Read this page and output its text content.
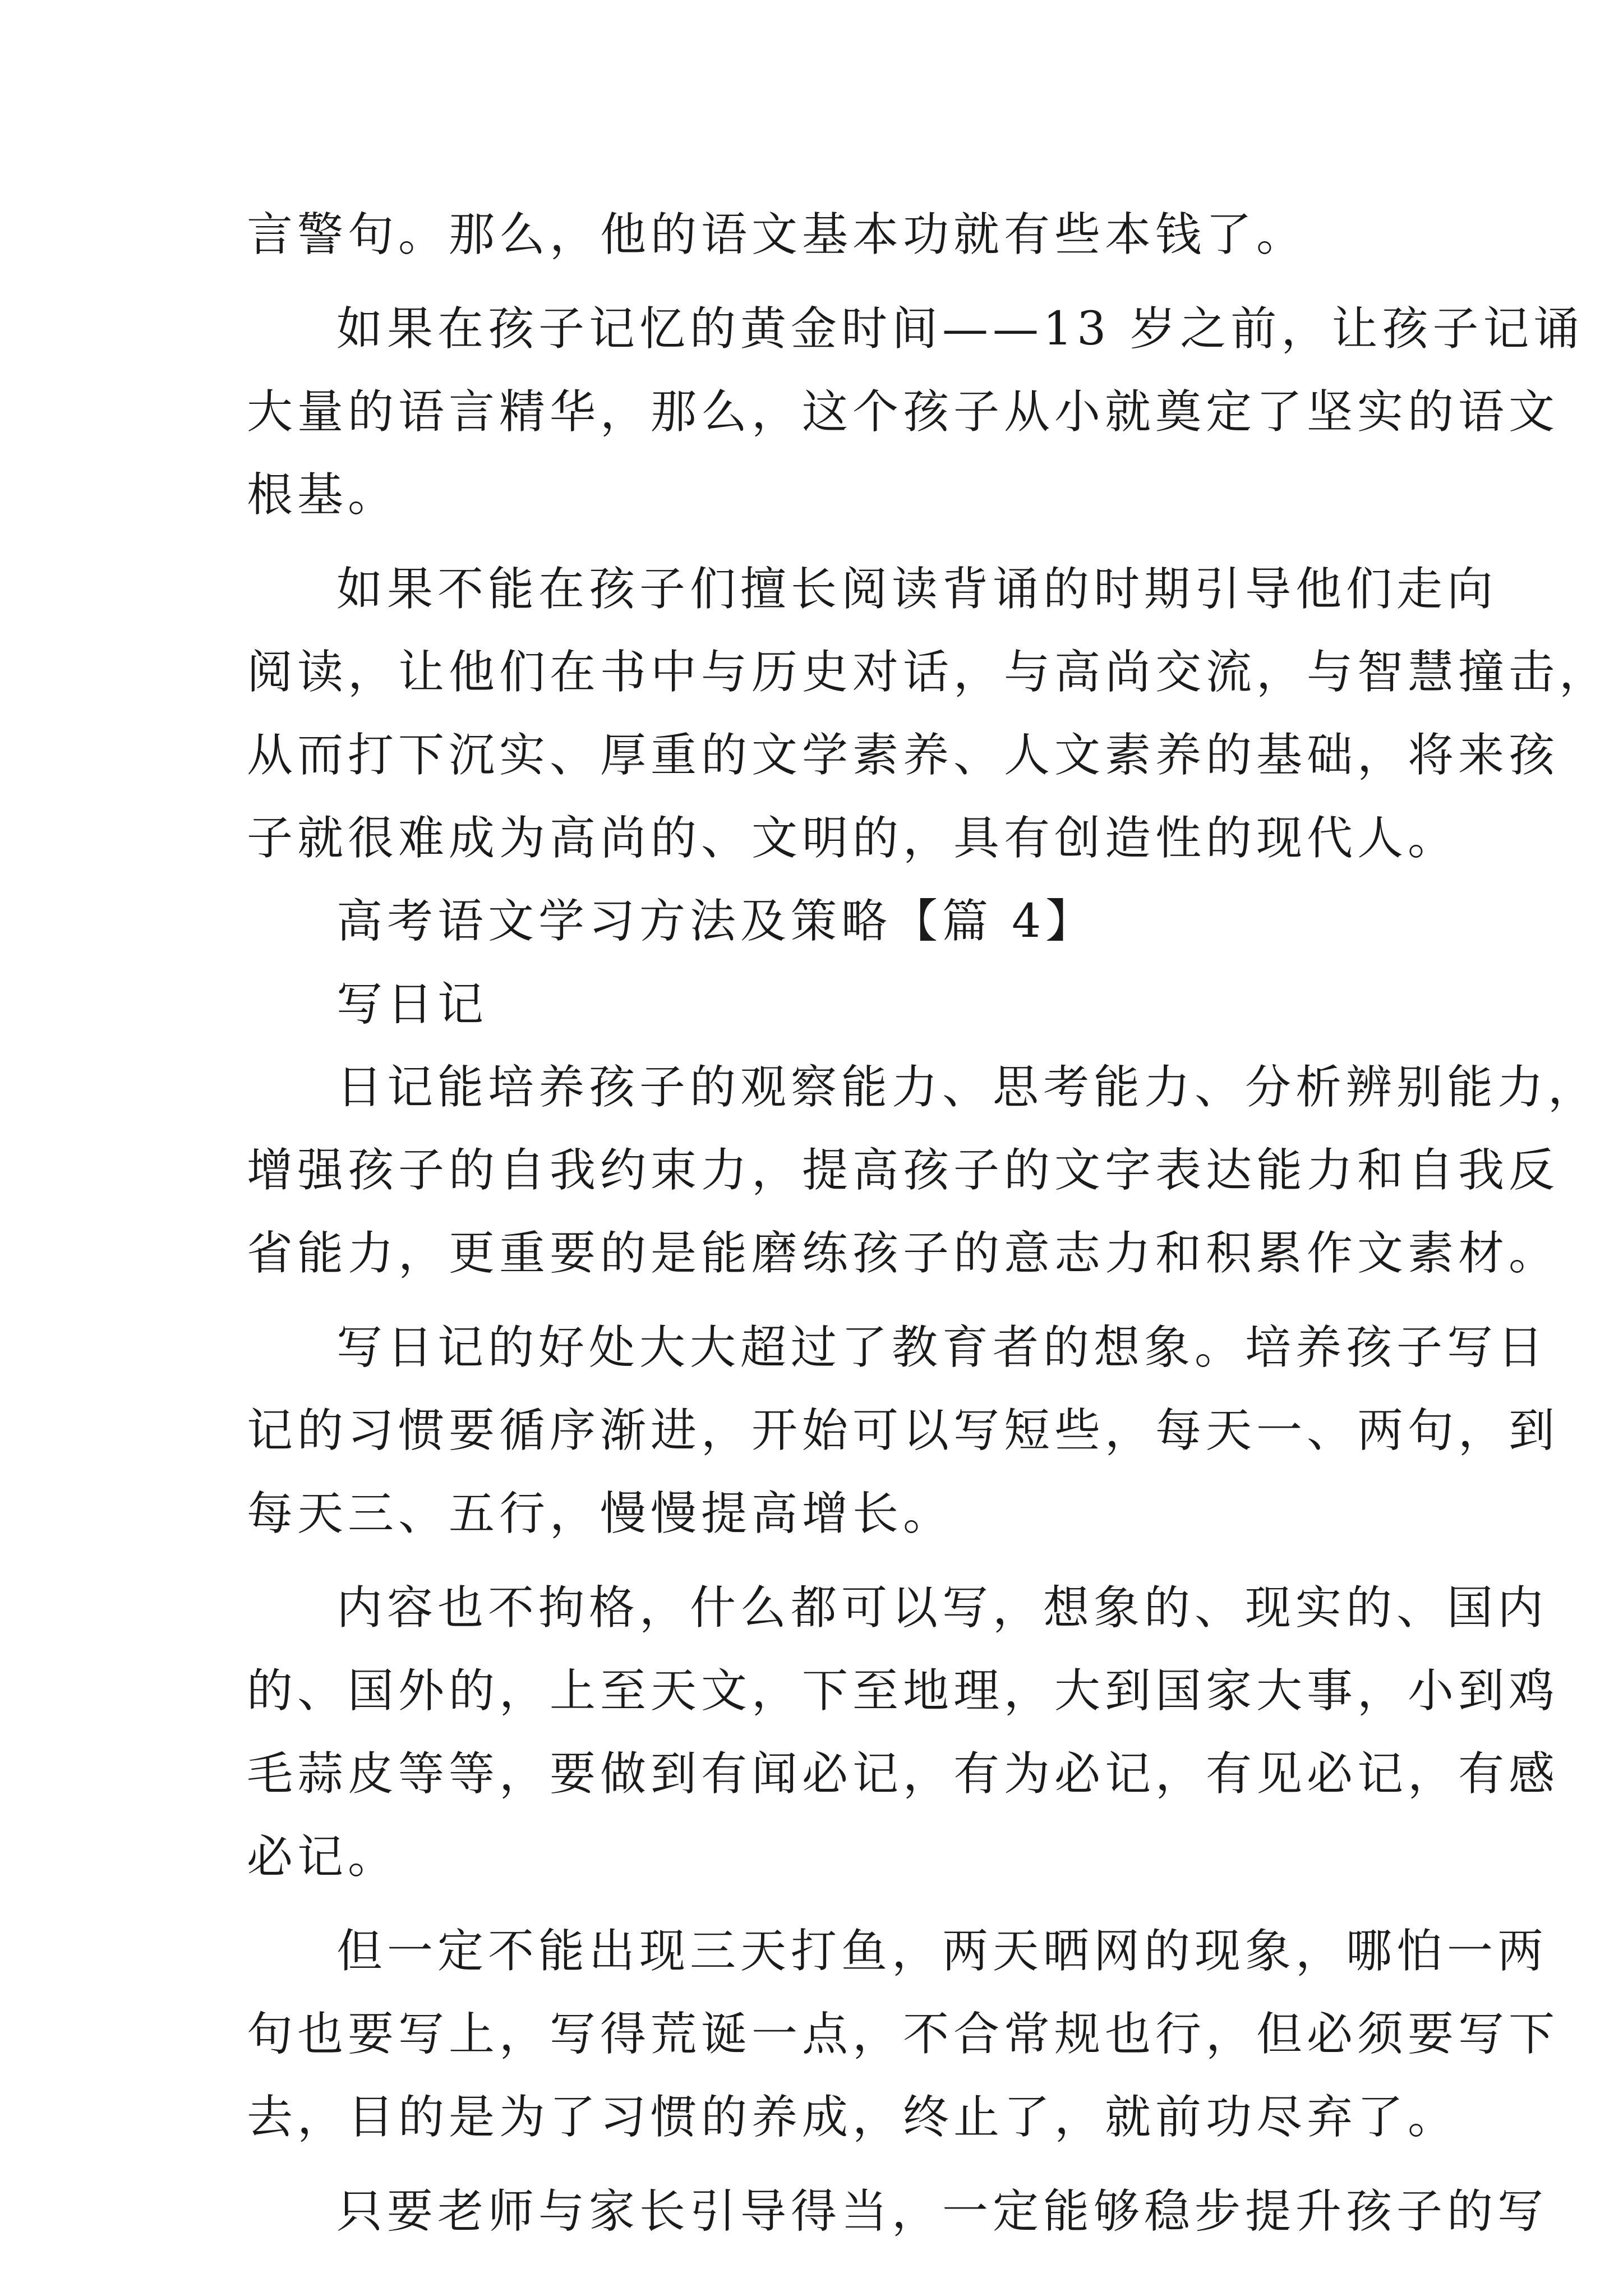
言警句。那么，他的语文基本功就有些本钱了。
如果在孩子记忆的黄金时间——13 岁之前，让孩子记诵
大量的语言精华，那么，这个孩子从小就奠定了坚实的语文
根基。
如果不能在孩子们擅长阅读背诵的时期引导他们走向
阅读，让他们在书中与历史对话，与高尚交流，与智慧撞击，
从而打下沉实、厚重的文学素养、人文素养的基础，将来孩
子就很难成为高尚的、文明的，具有创造性的现代人。
高考语文学习方法及策略【篇 4】
写日记
日记能培养孩子的观察能力、思考能力、分析辨别能力，
增强孩子的自我约束力，提高孩子的文字表达能力和自我反
省能力，更重要的是能磨练孩子的意志力和积累作文素材。
写日记的好处大大超过了教育者的想象。培养孩子写日
记的习惯要循序渐进，开始可以写短些，每天一、两句，到
每天三、五行，慢慢提高增长。
内容也不拘格，什么都可以写，想象的、现实的、国内
的、国外的，上至天文，下至地理，大到国家大事，小到鸡
毛蒜皮等等，要做到有闻必记，有为必记，有见必记，有感
必记。
但一定不能出现三天打鱼，两天晒网的现象，哪怕一两
句也要写上，写得荒诞一点，不合常规也行，但必须要写下
去，目的是为了习惯的养成，终止了，就前功尽弃了。
只要老师与家长引导得当，一定能够稳步提升孩子的写
